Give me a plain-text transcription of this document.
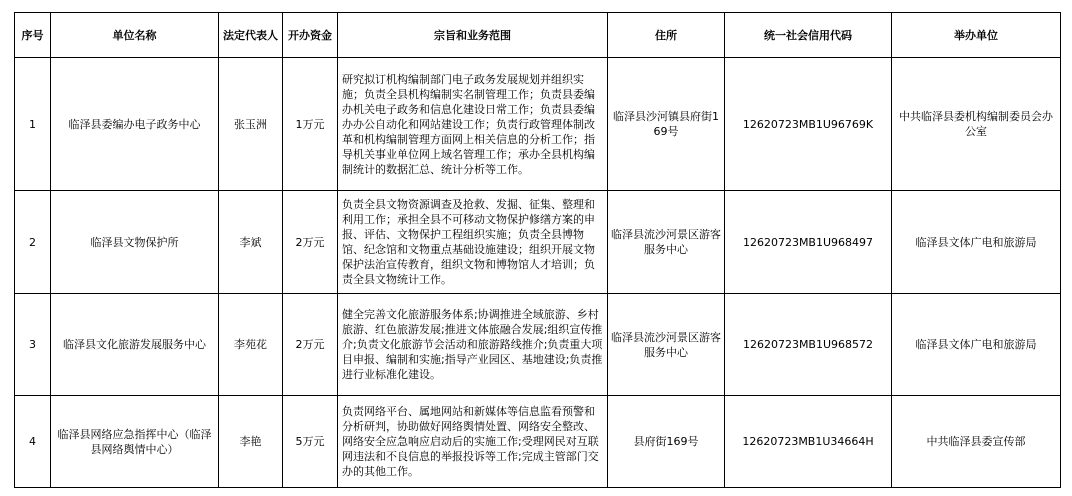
序号	单位名称	法定代表人	开办资金	宗旨和业务范围	住所	统一社会信用代码	举办单位
1	临泽县委编办电子政务中心	张玉洲	1万元	研究拟订机构编制部门电子政务发展规划并组织实施；负责全县机构编制实名制管理工作；负责县委编办机关电子政务和信息化建设日常工作；负责县委编办办公自动化和网站建设工作；负责行政管理体制改革和机构编制管理方面网上相关信息的分析工作；指导机关事业单位网上域名管理工作；承办全县机构编制统计的数据汇总、统计分析等工作。	临泽县沙河镇县府街169号	12620723MB1U96769K	中共临泽县委机构编制委员会办公室
2	临泽县文物保护所	李斌	2万元	负责全县文物资源调查及抢救、发掘、征集、整理和利用工作；承担全县不可移动文物保护修缮方案的申报、评估、文物保护工程组织实施；负责全县博物馆、纪念馆和文物重点基础设施建设；组织开展文物保护法治宣传教育，组织文物和博物馆人才培训；负责全县文物统计工作。	临泽县流沙河景区游客服务中心	12620723MB1U968497	临泽县文体广电和旅游局
3	临泽县文化旅游发展服务中心	李苑花	2万元	健全完善文化旅游服务体系;协调推进全域旅游、乡村旅游、红色旅游发展;推进文体旅融合发展;组织宣传推介;负责文化旅游节会活动和旅游路线推介;负责重大项目申报、编制和实施;指导产业园区、基地建设;负责推进行业标准化建设。	临泽县流沙河景区游客服务中心	12620723MB1U968572	临泽县文体广电和旅游局
4	临泽县网络应急指挥中心（临泽县网络舆情中心）	李艳	5万元	负责网络平台、属地网站和新媒体等信息监看预警和分析研判，协助做好网络舆情处置、网络安全整改、网络安全应急响应启动后的实施工作;受理网民对互联网违法和不良信息的举报投诉等工作;完成主管部门交办的其他工作。	县府街169号	12620723MB1U34664H	中共临泽县委宣传部
